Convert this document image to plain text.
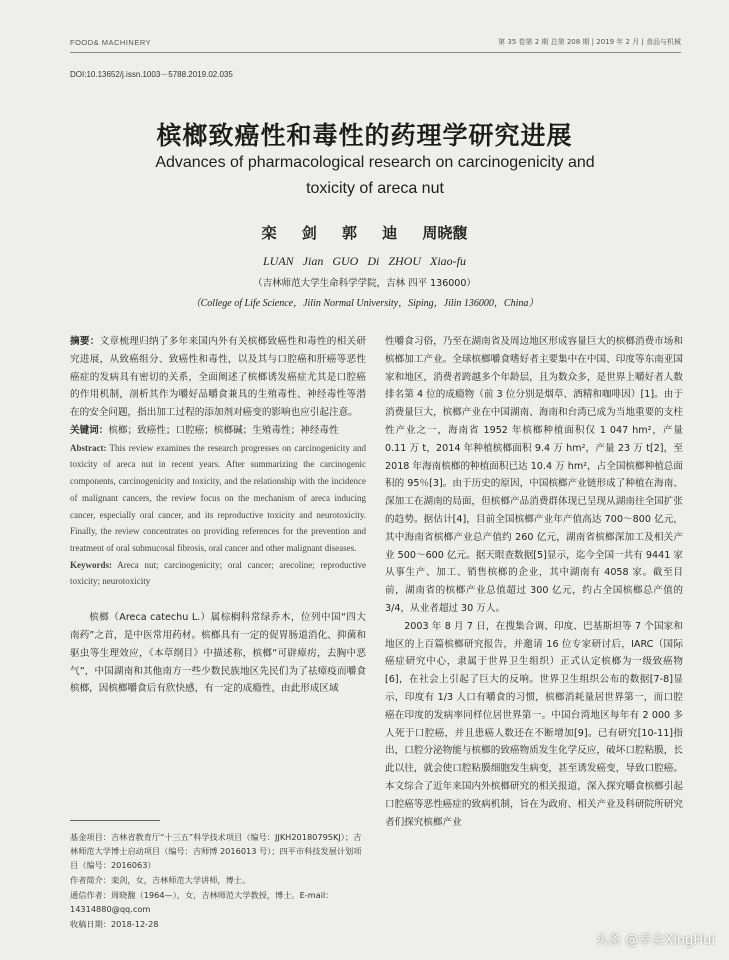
FOOD& MACHINERY	第 35 卷第 2 期 总第 208 期 | 2019 年 2 月 | 食品与机械
DOI:10.13652/j.issn.1003－5788.2019.02.035
槟榔致癌性和毒性的药理学研究进展
Advances of pharmacological research on carcinogenicity and toxicity of areca nut
栾 剑 郭 迪 周晓馥
LUAN Jian GUO Di ZHOU Xiao-fu
（吉林师范大学生命科学学院，吉林 四平 136000）
（College of Life Science，Jilin Normal University，Siping，Jilin 136000，China）

摘要：文章梳理归纳了多年来国内外有关槟榔致癌性和毒性的相关研究进展，从致癌组分、致癌性和毒性，以及其与口腔癌和肝癌等恶性癌症的发病具有密切的关系，全面阐述了槟榔诱发癌症尤其是口腔癌的作用机制，剖析其作为嚼好品嚼食兼具的生殖毒性、神经毒性等潜在的安全问题，指出加工过程的添加剂对癌变的影响也应引起注意。

关键词：槟榔；致癌性；口腔癌；槟榔碱；生殖毒性；神经毒性

Abstract: This review examines the research progresses on carcinogenicity and toxicity of areca nut in recent years. After summarizing the carcinogenic components, carcinogenicity and toxicity, and the relationship with the incidence of malignant cancers, the review focus on the mechanism of areca inducing cancer, especially oral cancer, and its reproductive toxicity and neurotoxicity. Finally, the review concentrates on providing references for the prevention and treatment of oral submucosal fibrosis, oral cancer and other malignant diseases.

Keywords: Areca nut; carcinogenicity; oral cancer; arecoline; reproductive toxicity; neurotoxicity

槟榔（Areca catechu L.）属棕榈科常绿乔木，位列中国“四大南药”之首，是中医常用药材。槟榔具有一定的促胃肠道消化、抑菌和驱虫等生理效应，《本草纲目》中描述称，槟榔“可辟瘴疠，去胸中恶气”，中国湖南和其他南方一些少数民族地区先民们为了祛瘴疫而嚼食槟榔，因槟榔嚼食后有欣快感，有一定的成瘾性，由此形成区域

基金项目：吉林省教育厅“十三五”科学技术项目（编号：JJKH20180795KJ）；吉林师范大学博士启动项目（编号：吉师博 2016013 号）；四平市科技发展计划项目（编号：2016063）

作者简介：栾剑，女，吉林师范大学讲师，博士。

通信作者：周晓馥（1964—），女，吉林师范大学教授，博士。E-mail：14314880@qq.com

收稿日期：2018-12-28

性嚼食习俗，乃至在湖南省及周边地区形成容量巨大的槟榔消费市场和槟榔加工产业。全球槟榔嚼食嗜好者主要集中在中国、印度等东南亚国家和地区，消费者跨越多个年龄层，且为数众多，是世界上嚼好者人数排名第 4 位的成瘾物（前 3 位分别是烟草、酒精和咖啡因）[1]。由于消费量巨大，槟榔产业在中国湖南、海南和台湾已成为当地重要的支柱性产业之一，海南省 1952 年槟榔种植面积仅 1 047 hm²，产量 0.11 万 t，2014 年种植槟榔面积 9.4 万 hm²，产量 23 万 t[2]，至 2018 年海南槟榔的种植面积已达 10.4 万 hm²，占全国槟榔种植总面积的 95％[3]。由于历史的原因，中国槟榔产业链形成了种植在海南、深加工在湖南的局面，但槟榔产品消费群体现已呈现从湖南往全国扩张的趋势。据估计[4]，目前全国槟榔产业年产值高达 700～800 亿元，其中海南省槟榔产业总产值约 260 亿元，湖南省槟榔深加工及相关产业 500～600 亿元。据天眼查数据[5]显示，迄今全国一共有 9441 家从事生产、加工、销售槟榔的企业，其中湖南有 4058 家。截至目前，湖南省的槟榔产业总值超过 300 亿元，约占全国槟榔总产值的 3/4，从业者超过 30 万人。

2003 年 8 月 7 日，在搜集合调、印度、巴基斯坦等 7 个国家和地区的上百篇槟榔研究报告，并邀请 16 位专家研讨后，IARC（国际癌症研究中心，隶属于世界卫生组织）正式认定槟榔为一级致癌物[6]，在社会上引起了巨大的反响。世界卫生组织公布的数据[7-8]显示，印度有 1/3 人口有嚼食的习惯，槟榔消耗量居世界第一，而口腔癌在印度的发病率同样位居世界第一。中国台湾地区每年有 2 000 多人死于口腔癌，并且患癌人数还在不断增加[9]。已有研究[10-11]指出，口腔分泌物能与槟榔的致癌物质发生化学反应，破坏口腔粘膜，长此以往，就会使口腔粘膜细胞发生病变，甚至诱发癌变，导致口腔癌。本文综合了近年来国内外槟榔研究的相关报道，深入探究嚼食槟榔引起口腔癌等恶性癌症的致病机制，旨在为政府、相关产业及科研院所研究者们探究槟榔产业

头条 @幸会XingHui
